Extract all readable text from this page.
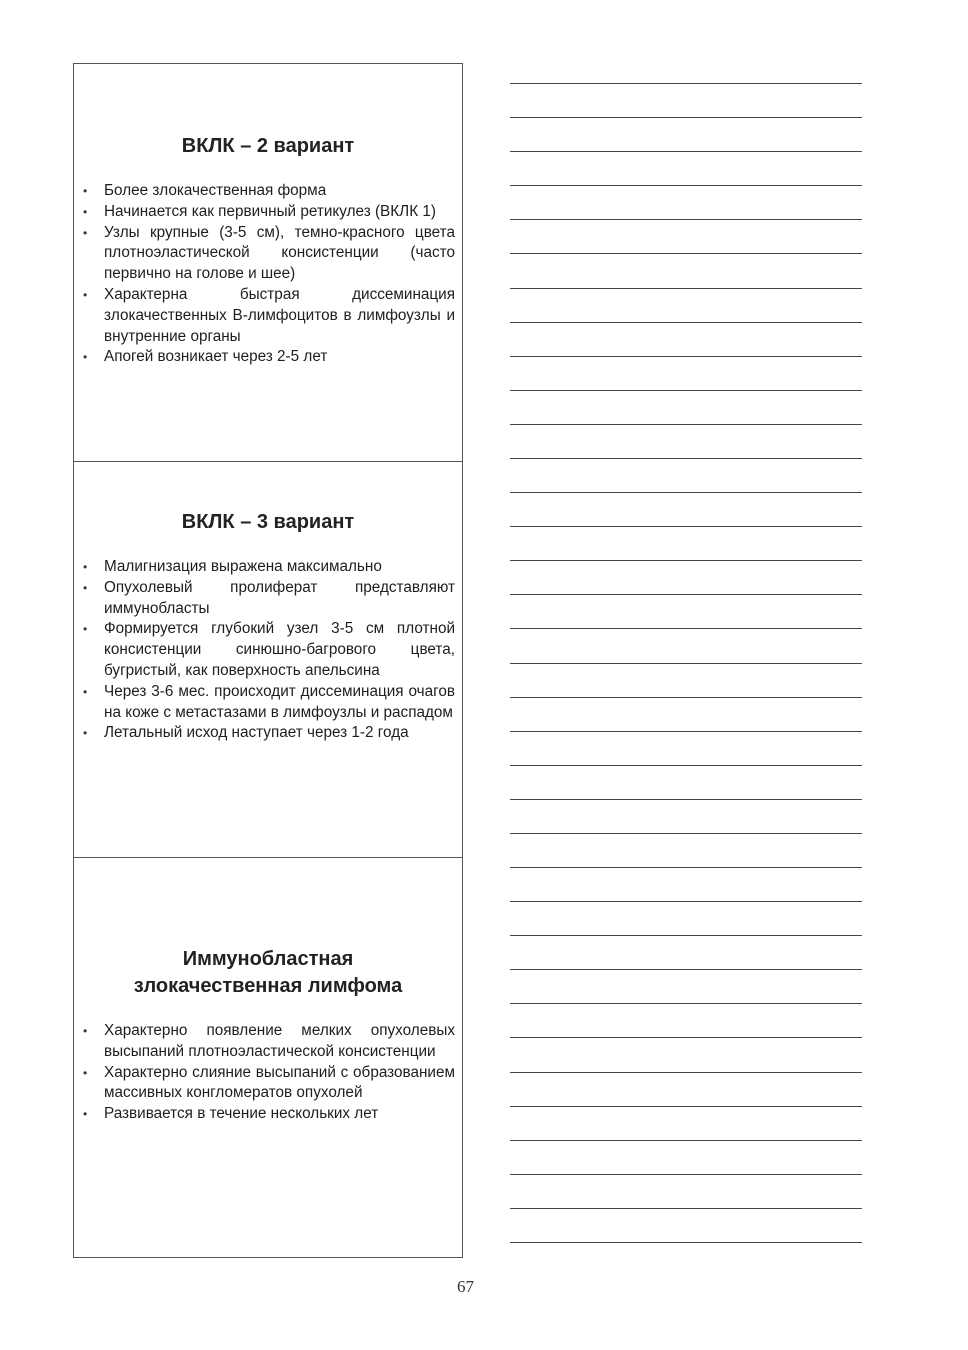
ВКЛК – 2 вариант
• Более злокачественная форма
• Начинается как первичный ретикулез (ВКЛК 1)
• Узлы крупные (3-5 см), темно-красного цвета плотноэластической консистенции (часто первично на голове и шее)
• Характерна быстрая диссеминация злокачественных В-лимфоцитов в лимфоузлы и внутренние органы
• Апогей возникает через 2-5 лет
ВКЛК – 3 вариант
• Малигнизация выражена максимально
• Опухолевый пролиферат представляют иммунобласты
• Формируется глубокий узел 3-5 см плотной консистенции синюшно-багрового цвета, бугристый, как поверхность апельсина
• Через 3-6 мес. происходит диссеминация очагов на коже с метастазами в лимфоузлы и распадом
• Летальный исход наступает через 1-2 года
Иммунобластная злокачественная лимфома
• Характерно появление мелких опухолевых высыпаний плотноэластической консистенции
• Характерно слияние высыпаний с образованием массивных конгломератов опухолей
• Развивается в течение нескольких лет
67
